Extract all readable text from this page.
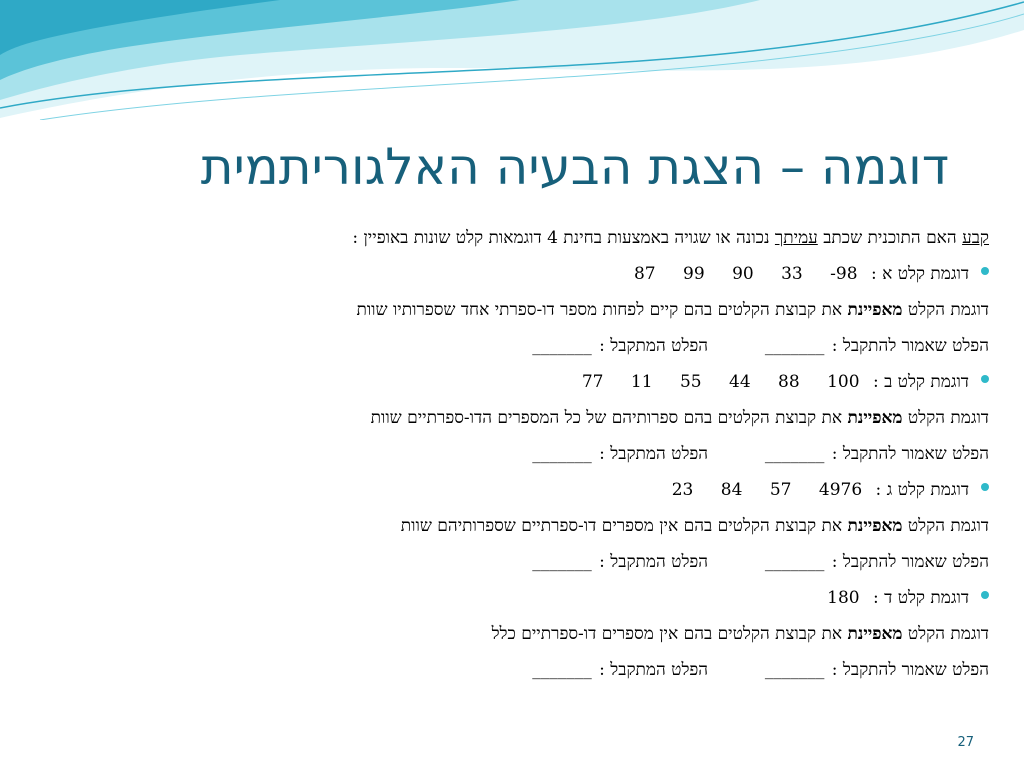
דוגמה – הצגת הבעיה האלגוריתמית
קבע האם התוכנית שכתב עמיתך נכונה או שגויה באמצעות בחינת 4 דוגמאות קלט שונות באופיין :
דוגמת קלט א : 98- 33 90 99 87
דוגמת הקלט מאפיינת את קבוצת הקלטים בהם קיים לפחות מספר דו-ספרתי אחד שספרותיו שוות
הפלט שאמור להתקבל : _______  הפלט המתקבל : _______
דוגמת קלט ב : 100 88 44 55 11 77
דוגמת הקלט מאפיינת את קבוצת הקלטים בהם ספרותיהם של כל המספרים הדו-ספרתיים שוות
הפלט שאמור להתקבל : _______  הפלט המתקבל : _______
דוגמת קלט ג : 4976 57 84 23
דוגמת הקלט מאפיינת את קבוצת הקלטים בהם אין מספרים דו-ספרתיים שספרותיהם שוות
הפלט שאמור להתקבל : _______  הפלט המתקבל : _______
דוגמת קלט ד : 180
דוגמת הקלט מאפיינת את קבוצת הקלטים בהם אין מספרים דו-ספרתיים כלל
הפלט שאמור להתקבל : _______  הפלט המתקבל : _______
27
